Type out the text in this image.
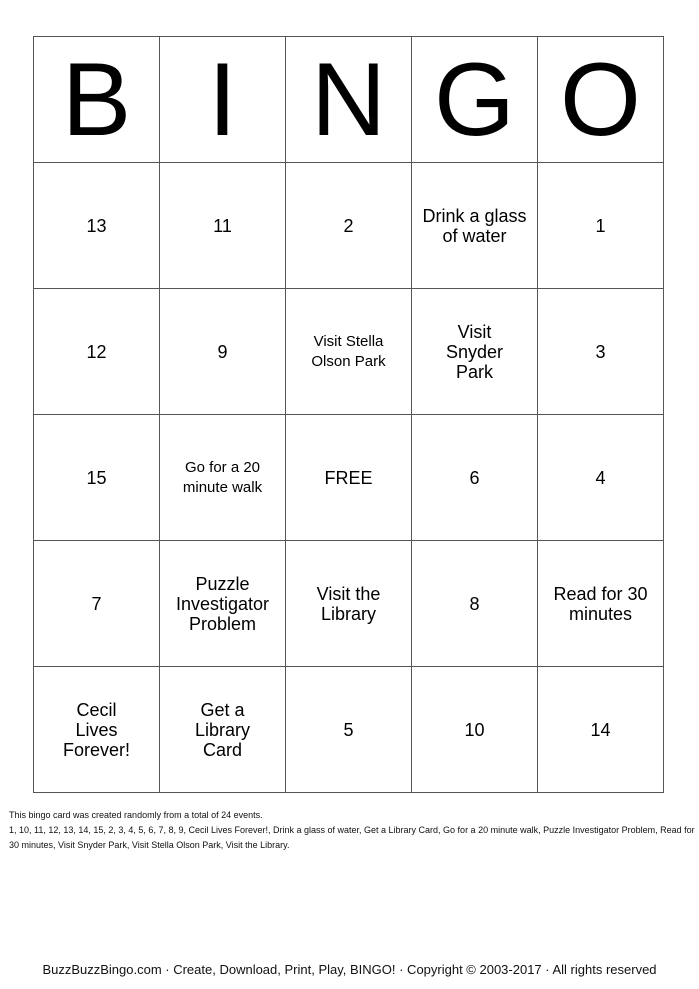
B	I	N	G	O
13	11	2	Drink a glass of water	1
12	9	Visit Stella Olson Park	Visit Snyder Park	3
15	Go for a 20 minute walk	FREE	6	4
7	Puzzle Investigator Problem	Visit the Library	8	Read for 30 minutes
Cecil Lives Forever!	Get a Library Card	5	10	14

This bingo card was created randomly from a total of 24 events.

1, 10, 11, 12, 13, 14, 15, 2, 3, 4, 5, 6, 7, 8, 9, Cecil Lives Forever!, Drink a glass of water, Get a Library Card, Go for a 20 minute walk, Puzzle Investigator Problem, Read for 30 minutes, Visit Snyder Park, Visit Stella Olson Park, Visit the Library.

BuzzBuzzBingo.com · Create, Download, Print, Play, BINGO! · Copyright © 2003-2017 · All rights reserved
